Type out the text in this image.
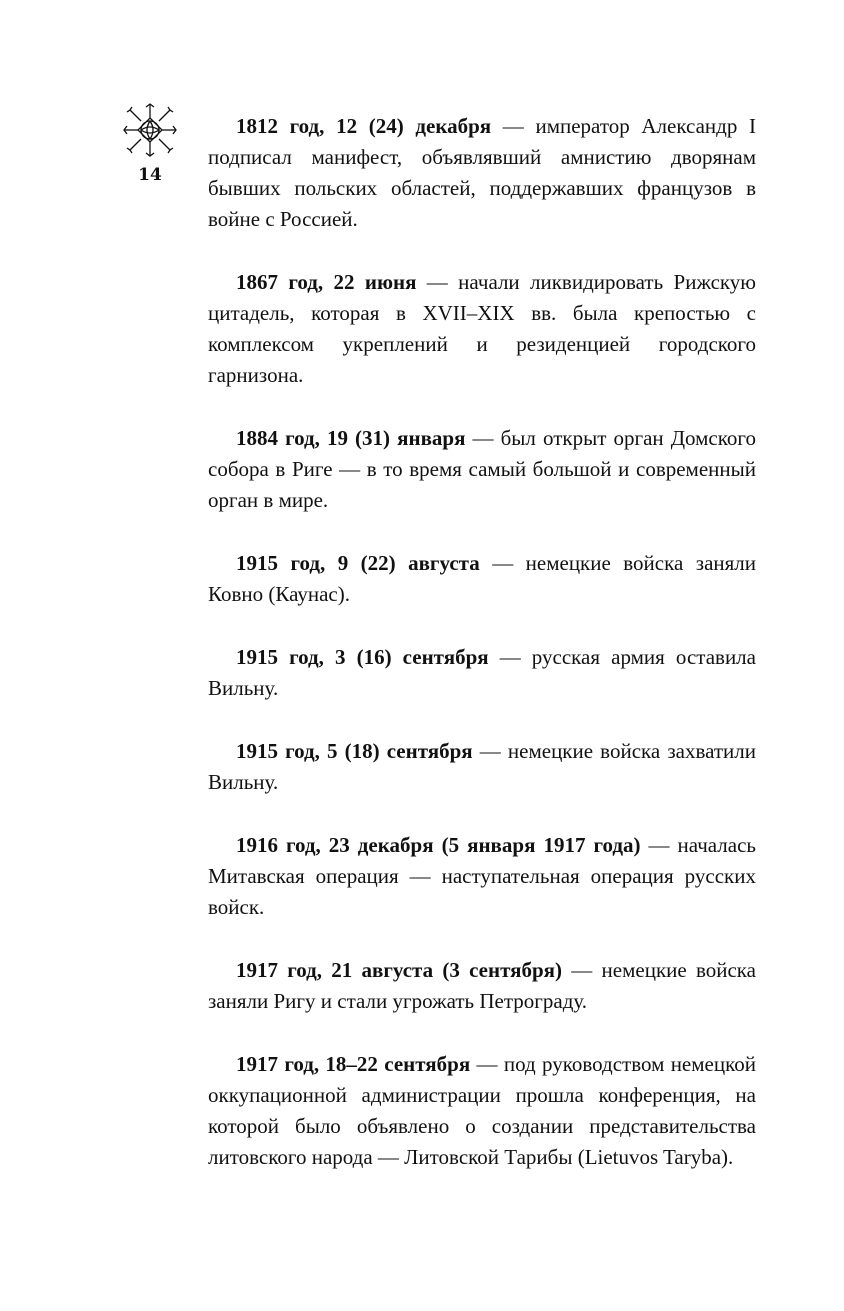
14

1812 год, 12 (24) декабря — император Александр I подписал манифест, объявлявший амнистию дворянам бывших польских областей, поддержавших французов в войне с Россией.

1867 год, 22 июня — начали ликвидировать Рижскую цитадель, которая в XVII–XIX вв. была крепостью с комплексом укреплений и резиденцией городского гарнизона.

1884 год, 19 (31) января — был открыт орган Домского собора в Риге — в то время самый большой и современный орган в мире.

1915 год, 9 (22) августа — немецкие войска заняли Ковно (Каунас).

1915 год, 3 (16) сентября — русская армия оставила Вильну.

1915 год, 5 (18) сентября — немецкие войска захватили Вильну.

1916 год, 23 декабря (5 января 1917 года) — началась Митавская операция — наступательная операция русских войск.

1917 год, 21 августа (3 сентября) — немецкие войска заняли Ригу и стали угрожать Петрограду.

1917 год, 18–22 сентября — под руководством немецкой оккупационной администрации прошла конференция, на которой было объявлено о создании представительства литовского народа — Литовской Тарибы (Lietuvos Taryba).
